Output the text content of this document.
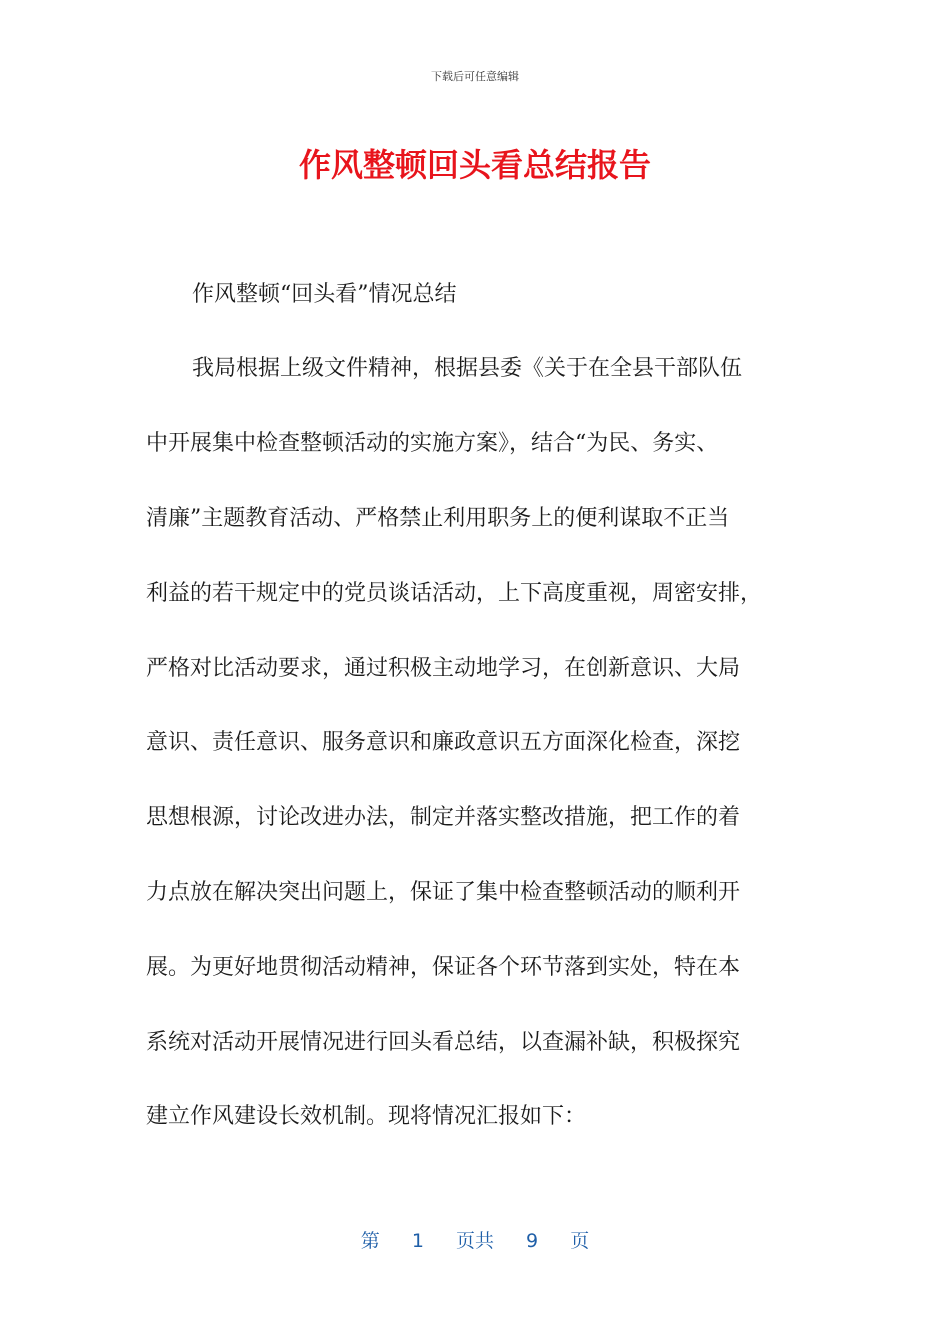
下载后可任意编辑
作风整顿回头看总结报告
作风整顿“回头看”情况总结
我局根据上级文件精神，根据县委《关于在全县干部队伍
中开展集中检查整顿活动的实施方案》，结合“为民、务实、
清廉”主题教育活动、严格禁止利用职务上的便利谋取不正当
利益的若干规定中的党员谈话活动，上下高度重视，周密安排，
严格对比活动要求，通过积极主动地学习，在创新意识、大局
意识、责任意识、服务意识和廉政意识五方面深化检查，深挖
思想根源，讨论改进办法，制定并落实整改措施，把工作的着
力点放在解决突出问题上，保证了集中检查整顿活动的顺利开
展。为更好地贯彻活动精神，保证各个环节落到实处，特在本
系统对活动开展情况进行回头看总结，以查漏补缺，积极探究
建立作风建设长效机制。现将情况汇报如下：
第 1 页共 9 页
